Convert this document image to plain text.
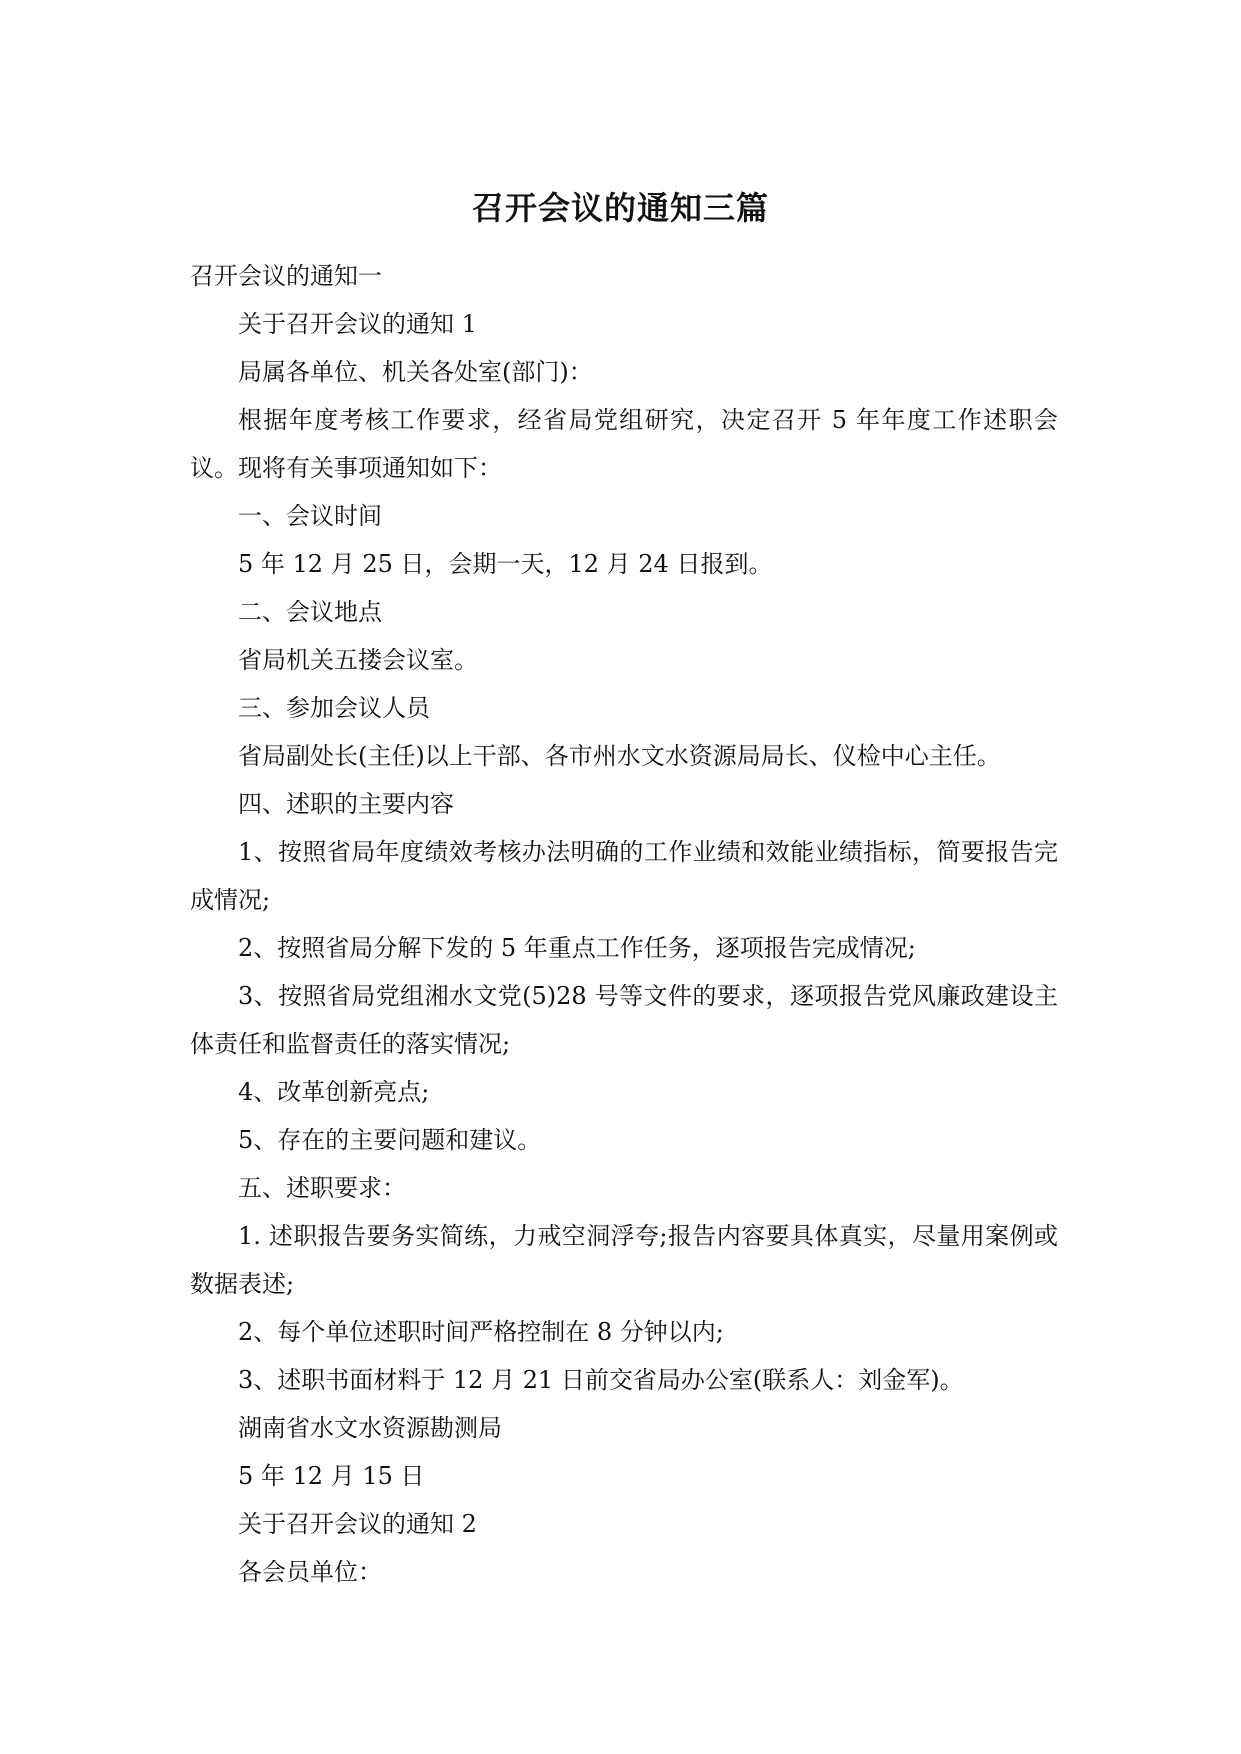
召开会议的通知三篇

召开会议的通知一

关于召开会议的通知 1

局属各单位、机关各处室(部门)：

根据年度考核工作要求，经省局党组研究，决定召开 5 年年度工作述职会议。现将有关事项通知如下：

一、会议时间

5 年 12 月 25 日，会期一天，12 月 24 日报到。

二、会议地点

省局机关五搂会议室。

三、参加会议人员

省局副处长(主任)以上干部、各市州水文水资源局局长、仪检中心主任。

四、述职的主要内容

1、按照省局年度绩效考核办法明确的工作业绩和效能业绩指标，简要报告完成情况;

2、按照省局分解下发的 5 年重点工作任务，逐项报告完成情况;

3、按照省局党组湘水文党(5)28 号等文件的要求，逐项报告党风廉政建设主体责任和监督责任的落实情况;

4、改革创新亮点;

5、存在的主要问题和建议。

五、述职要求：

1. 述职报告要务实简练，力戒空洞浮夸;报告内容要具体真实，尽量用案例或数据表述;

2、每个单位述职时间严格控制在 8 分钟以内;

3、述职书面材料于 12 月 21 日前交省局办公室(联系人：刘金军)。

湖南省水文水资源勘测局

5 年 12 月 15 日

关于召开会议的通知 2

各会员单位：
